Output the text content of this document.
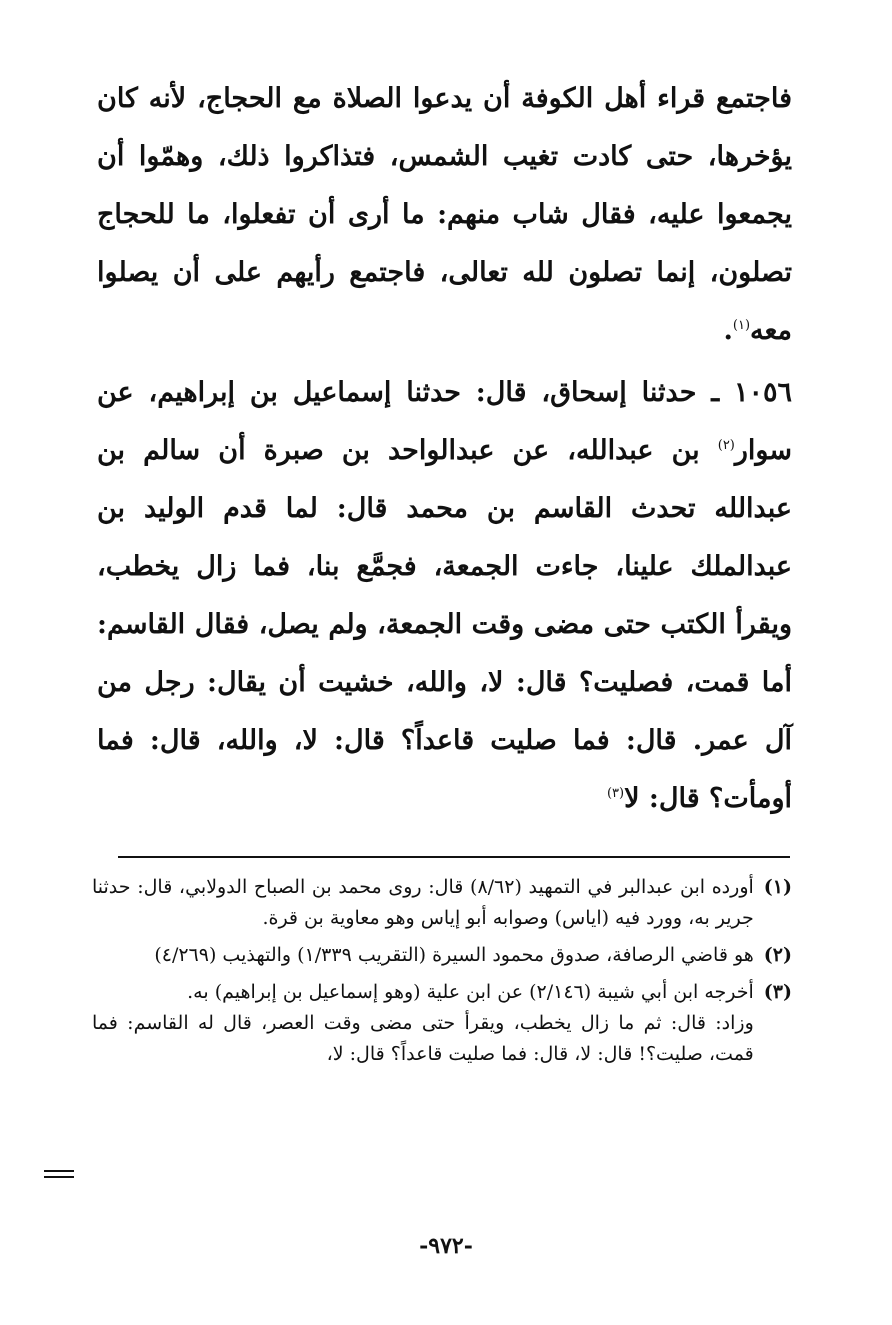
فاجتمع قراء أهل الكوفة أن يدعوا الصلاة مع الحجاج، لأنه كان يؤخرها، حتى كادت تغيب الشمس، فتذاكروا ذلك، وهمّوا أن يجمعوا عليه، فقال شاب منهم: ما أرى أن تفعلوا، ما للحجاج تصلون، إنما تصلون لله تعالى، فاجتمع رأيهم على أن يصلوا معه$^{(١)}$.

١٠٥٦ ـ حدثنا إسحاق، قال: حدثنا إسماعيل بن إبراهيم، عن سوار$^{(٢)}$ بن عبدالله، عن عبدالواحد بن صبرة أن سالم بن عبدالله تحدث القاسم بن محمد قال: لما قدم الوليد بن عبدالملك علينا، جاءت الجمعة، فجمَّع بنا، فما زال يخطب، ويقرأ الكتب حتى مضى وقت الجمعة، ولم يصل، فقال القاسم: أما قمت، فصليت؟ قال: لا، والله، خشيت أن يقال: رجل من آل عمر. قال: فما صليت قاعداً؟ قال: لا، والله، قال: فما أومأت؟ قال: لا$^{(٣)}$

(١)
أورده ابن عبدالبر في التمهيد (٨/٦٢) قال: روى محمد بن الصباح الدولابي، قال: حدثنا جرير به، وورد فيه (اياس) وصوابه أبو إياس وهو معاوية بن قرة.
(٢)
هو قاضي الرصافة، صدوق محمود السيرة (التقريب ١/٣٣٩) والتهذيب (٤/٢٦٩)
(٣)
أخرجه ابن أبي شيبة (٢/١٤٦) عن ابن علية (وهو إسماعيل بن إبراهيم) به.
وزاد: قال: ثم ما زال يخطب، ويقرأ حتى مضى وقت العصر، قال له القاسم: فما قمت، صليت؟! قال: لا، قال: فما صليت قاعداً؟ قال: لا،
-٩٧٢-
